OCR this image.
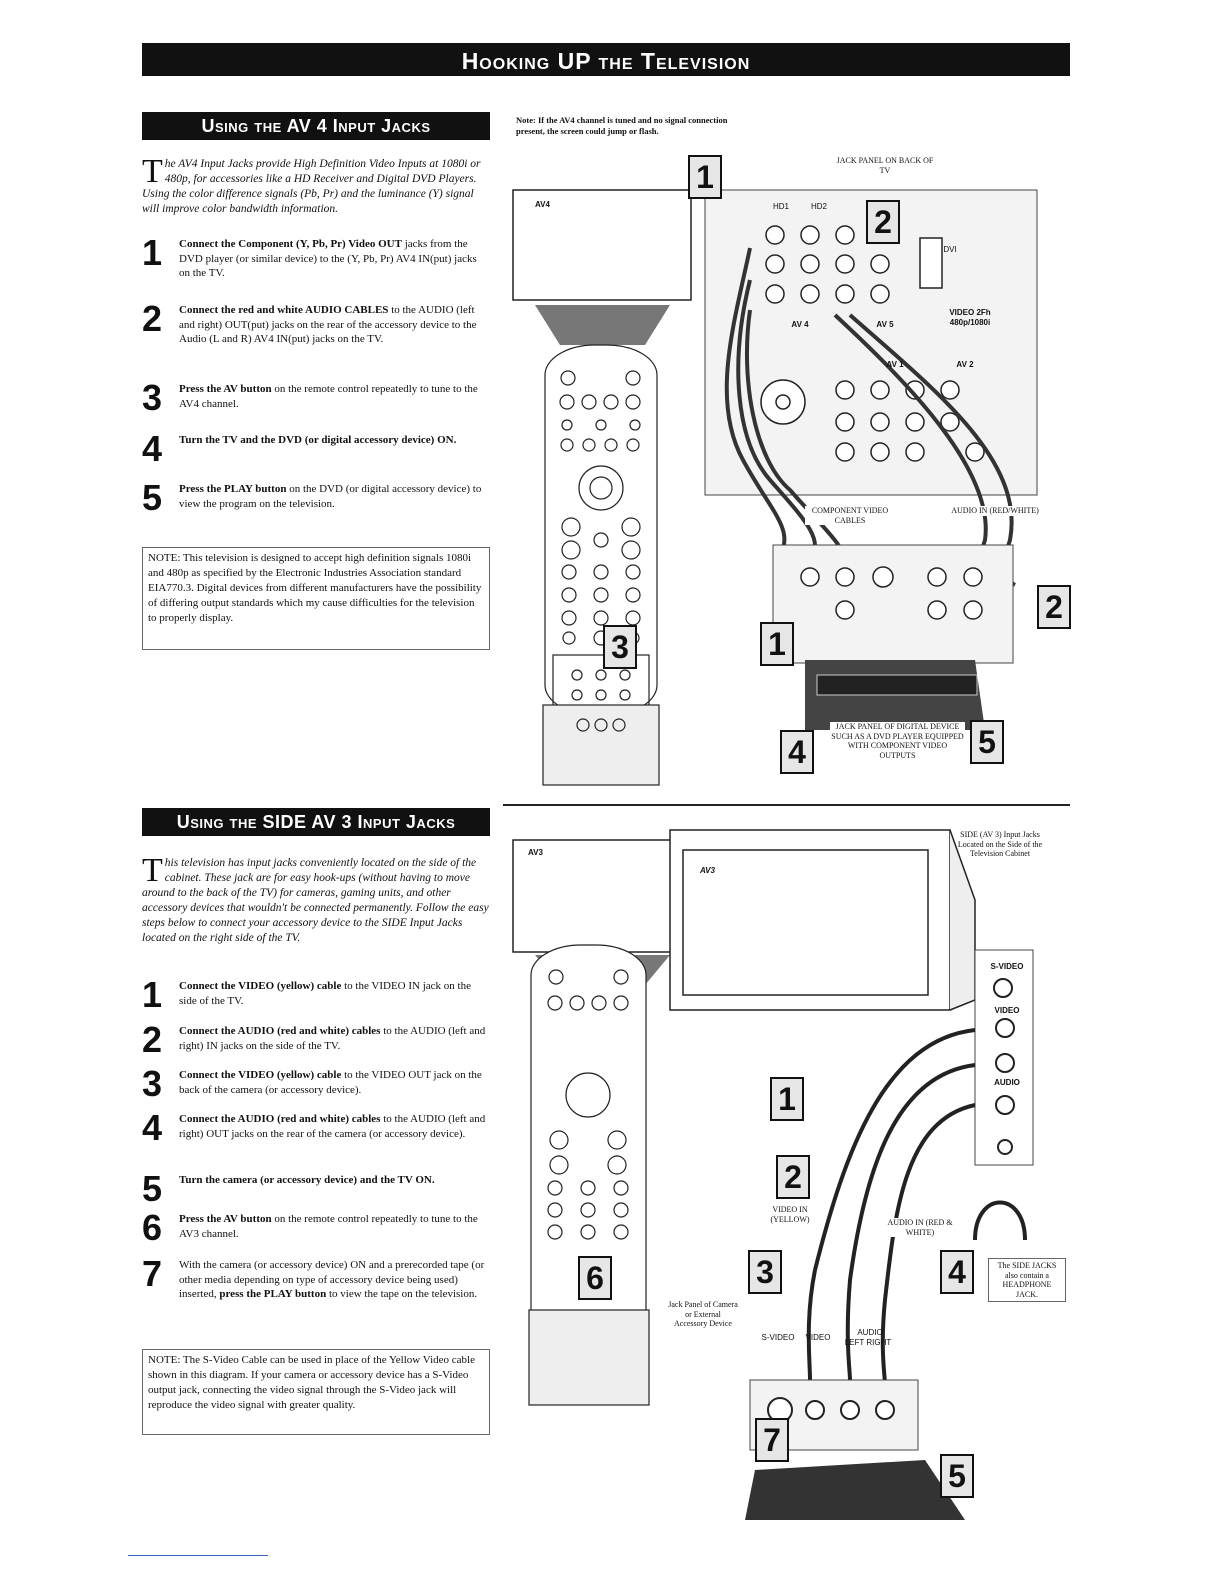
Hooking UP the Television
Using the AV 4 Input Jacks
The AV4 Input Jacks provide High Definition Video Inputs at 1080i or 480p, for accessories like a HD Receiver and Digital DVD Players. Using the color difference signals (Pb, Pr) and the luminance (Y) signal will improve color bandwidth information.
1 Connect the Component (Y, Pb, Pr) Video OUT jacks from the DVD player (or similar device) to the (Y, Pb, Pr) AV4 IN(put) jacks on the TV.
2 Connect the red and white AUDIO CABLES to the AUDIO (left and right) OUT(put) jacks on the rear of the accessory device to the Audio (L and R) AV4 IN(put) jacks on the TV.
3 Press the AV button on the remote control repeatedly to tune to the AV4 channel.
4 Turn the TV and the DVD (or digital accessory device) ON.
5 Press the PLAY button on the DVD (or digital accessory device) to view the program on the television.
NOTE: This television is designed to accept high definition signals 1080i and 480p as specified by the Electronic Industries Association standard EIA770.3. Digital devices from different manufacturers have the possibility of differing output standards which my cause difficulties for the television to properly display.
Note: If the AV4 channel is tuned and no signal connection present, the screen could jump or flash.
JACK PANEL ON BACK OF TV
COMPONENT VIDEO CABLES
AUDIO IN (RED/WHITE)
JACK PANEL OF DIGITAL DEVICE SUCH AS A DVD PLAYER EQUIPPED WITH COMPONENT VIDEO OUTPUTS
VIDEO 2Fh 480p/1080i
AV 4	AV 5
AV 1	AV 2
HD1	HD2
DVI
AV4
1
2
3	1
2
4	5
Using the SIDE AV 3 Input Jacks
This television has input jacks conveniently located on the side of the cabinet. These jack are for easy hook-ups (without having to move around to the back of the TV) for cameras, gaming units, and other accessory devices that wouldn't be connected permanently. Follow the easy steps below to connect your accessory device to the SIDE Input Jacks located on the right side of the TV.
1 Connect the VIDEO (yellow) cable to the VIDEO IN jack on the side of the TV.
2 Connect the AUDIO (red and white) cables to the AUDIO (left and right) IN jacks on the side of the TV.
3 Connect the VIDEO (yellow) cable to the VIDEO OUT jack on the back of the camera (or accessory device).
4 Connect the AUDIO (red and white) cables to the AUDIO (left and right) OUT jacks on the rear of the camera (or accessory device).
5 Turn the camera (or accessory device) and the TV ON.
6 Press the AV button on the remote control repeatedly to tune to the AV3 channel.
7 With the camera (or accessory device) ON and a prerecorded tape (or other media depending on type of accessory device being used) inserted, press the PLAY button to view the tape on the television.
NOTE: The S-Video Cable can be used in place of the Yellow Video cable shown in this diagram. If your camera or accessory device has a S-Video output jack, connecting the video signal through the S-Video jack will reproduce the video signal with greater quality.
AV3
AV3
SIDE (AV 3) Input Jacks Located on the Side of the Television Cabinet
S-VIDEO
VIDEO
AUDIO
VIDEO IN (YELLOW)	AUDIO IN (RED & WHITE)
Jack Panel of Camera or External Accessory Device
The SIDE JACKS also contain a HEADPHONE JACK.
S-VIDEO	VIDEO
AUDIO
LEFT RIGHT
1
2
3	4
5
6
7
